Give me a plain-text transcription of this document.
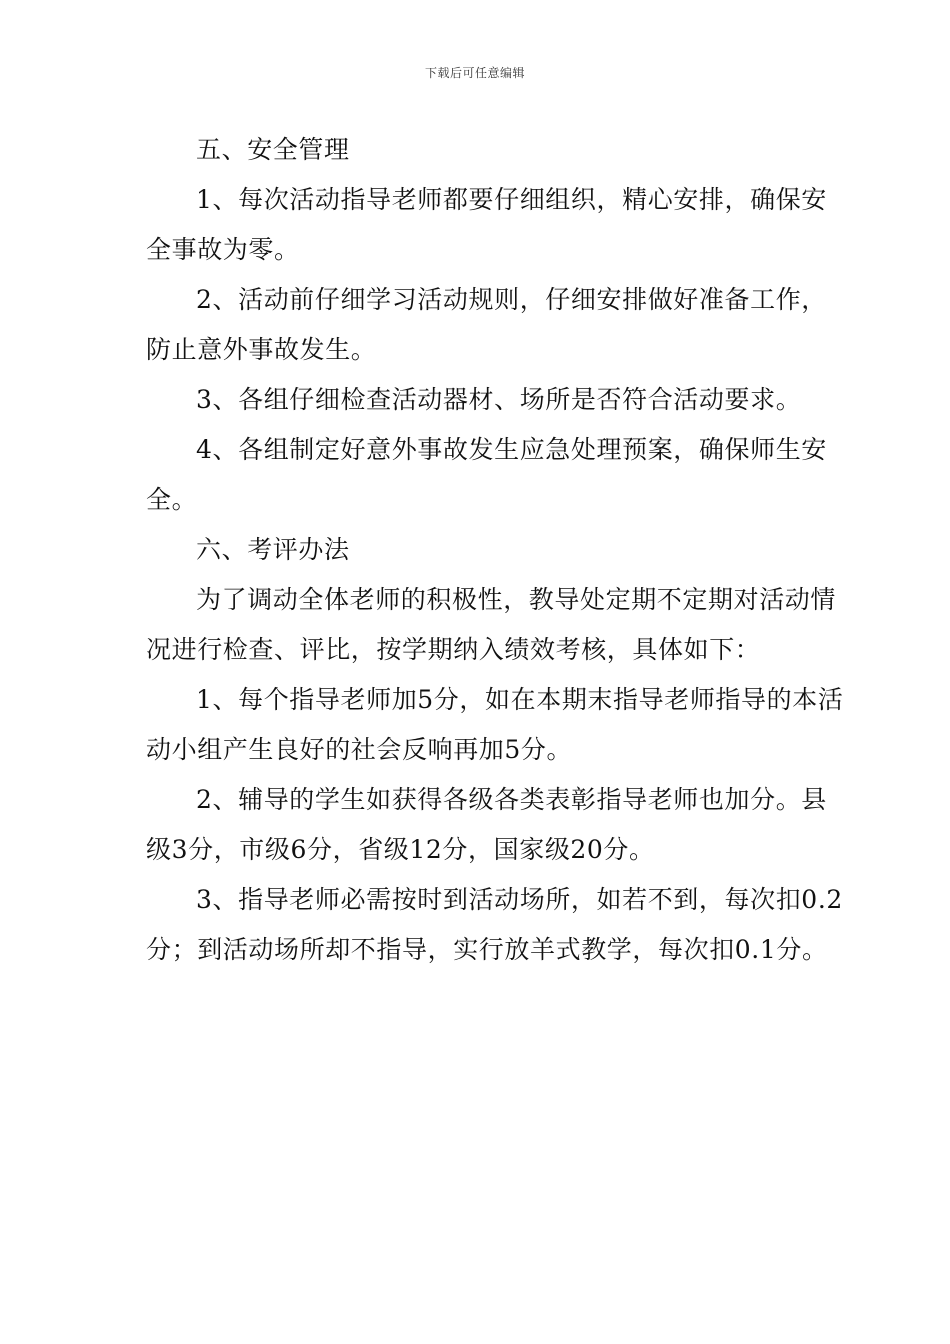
下载后可任意编辑

五、安全管理

1、每次活动指导老师都要仔细组织，精心安排，确保安全事故为零。

2、活动前仔细学习活动规则，仔细安排做好准备工作，防止意外事故发生。

3、各组仔细检查活动器材、场所是否符合活动要求。

4、各组制定好意外事故发生应急处理预案，确保师生安全。

六、考评办法

为了调动全体老师的积极性，教导处定期不定期对活动情况进行检查、评比，按学期纳入绩效考核，具体如下：

1、每个指导老师加5分，如在本期末指导老师指导的本活动小组产生良好的社会反响再加5分。

2、辅导的学生如获得各级各类表彰指导老师也加分。县级3分，市级6分，省级12分，国家级20分。

3、指导老师必需按时到活动场所，如若不到，每次扣0.2分；到活动场所却不指导，实行放羊式教学，每次扣0.1分。
